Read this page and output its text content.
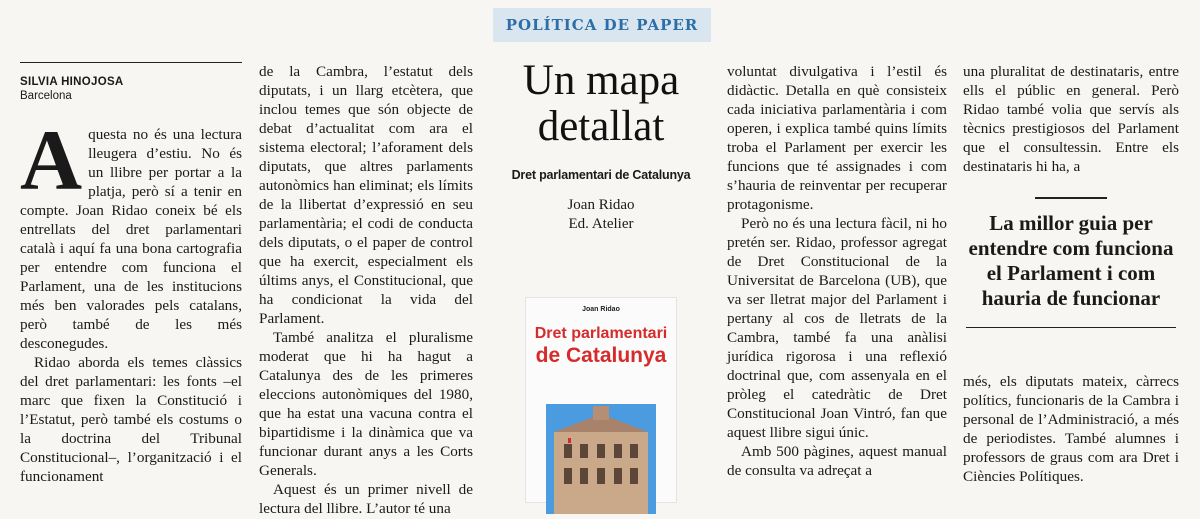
POLÍTICA DE PAPER
SILVIA HINOJOSA
Barcelona

Aquesta no és una lectura lleugera d’estiu. No és un llibre per portar a la platja, però sí a tenir en compte. Joan Ridao coneix bé els entrellats del dret parlamentari català i aquí fa una bona cartografia per entendre com funciona el Parlament, una de les institucions més ben valorades pels catalans, però també de les més desconegudes.

Ridao aborda els temes clàssics del dret parlamentari: les fonts –el marc que fixen la Constitució i l’Estatut, però també els costums o la doctrina del Tribunal Constitucional–, l’organització i el funcionament

de la Cambra, l’estatut dels diputats, i un llarg etcètera, que inclou temes que són objecte de debat d’actualitat com ara el sistema electoral; l’aforament dels diputats, que altres parlaments autonòmics han eliminat; els límits de la llibertat d’expressió en seu parlamentària; el codi de conducta dels diputats, o el paper de control que ha exercit, especialment els últims anys, el Constitucional, que ha condicionat la vida del Parlament.

També analitza el pluralisme moderat que hi ha hagut a Catalunya des de les primeres eleccions autonòmiques del 1980, que ha estat una vacuna contra el bipartidisme i la dinàmica que va funcionar durant anys a les Corts Generals.

Aquest és un primer nivell de lectura del llibre. L’autor té una

Un mapa
detallat
Dret parlamentari de Catalunya
Joan Ridao
Ed. Atelier
Joan Ridao
Dret parlamentari
de Catalunya

voluntat divulgativa i l’estil és didàctic. Detalla en què consisteix cada iniciativa parlamentària i com operen, i explica també quins límits troba el Parlament per exercir les funcions que té assignades i com s’hauria de reinventar per recuperar protagonisme.

Però no és una lectura fàcil, ni ho pretén ser. Ridao, professor agregat de Dret Constitucional de la Universitat de Barcelona (UB), que va ser lletrat major del Parlament i pertany al cos de lletrats de la Cambra, també fa una anàlisi jurídica rigorosa i una reflexió doctrinal que, com assenyala en el pròleg el catedràtic de Dret Constitucional Joan Vintró, fan que aquest llibre sigui únic.

Amb 500 pàgines, aquest manual de consulta va adreçat a

una pluralitat de destinataris, entre ells el públic en general. Però Ridao també volia que servís als tècnics prestigiosos del Parlament que el consultessin. Entre els destinataris hi ha, a

La millor guia per entendre com funciona el Parlament i com hauria de funcionar

més, els diputats mateix, càrrecs polítics, funcionaris de la Cambra i personal de l’Administració, a més de periodistes. També alumnes i professors de graus com ara Dret i Ciències Polítiques.
